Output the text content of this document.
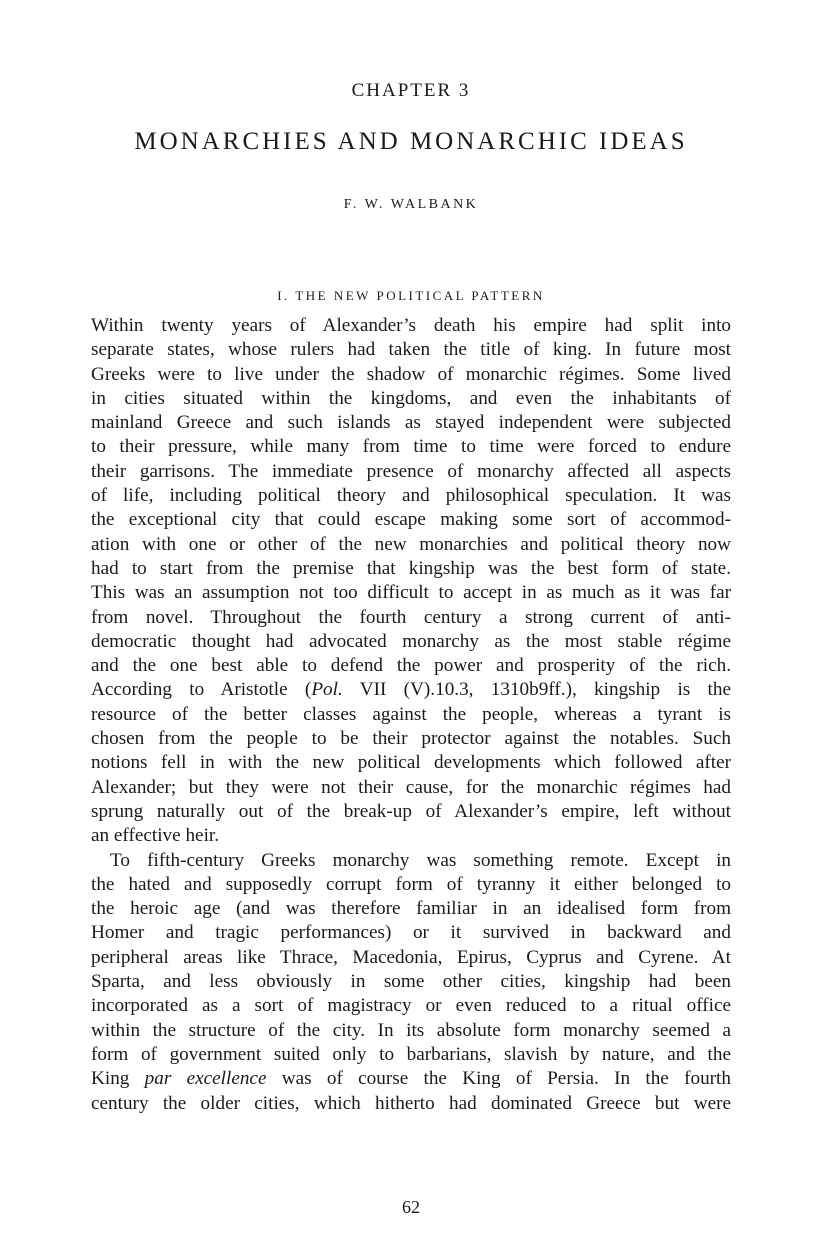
CHAPTER 3
MONARCHIES AND MONARCHIC IDEAS
F. W. WALBANK
I. THE NEW POLITICAL PATTERN
Within twenty years of Alexander’s death his empire had split into
separate states, whose rulers had taken the title of king. In future most
Greeks were to live under the shadow of monarchic régimes. Some lived
in cities situated within the kingdoms, and even the inhabitants of
mainland Greece and such islands as stayed independent were subjected
to their pressure, while many from time to time were forced to endure
their garrisons. The immediate presence of monarchy affected all aspects
of life, including political theory and philosophical speculation. It was
the exceptional city that could escape making some sort of accommod-
ation with one or other of the new monarchies and political theory now
had to start from the premise that kingship was the best form of state.
This was an assumption not too difficult to accept in as much as it was far
from novel. Throughout the fourth century a strong current of anti-
democratic thought had advocated monarchy as the most stable régime
and the one best able to defend the power and prosperity of the rich.
According to Aristotle (Pol. VII (V).10.3, 1310b9ff.), kingship is the
resource of the better classes against the people, whereas a tyrant is
chosen from the people to be their protector against the notables. Such
notions fell in with the new political developments which followed after
Alexander; but they were not their cause, for the monarchic régimes had
sprung naturally out of the break-up of Alexander’s empire, left without
an effective heir.
To fifth-century Greeks monarchy was something remote. Except in
the hated and supposedly corrupt form of tyranny it either belonged to
the heroic age (and was therefore familiar in an idealised form from
Homer and tragic performances) or it survived in backward and
peripheral areas like Thrace, Macedonia, Epirus, Cyprus and Cyrene. At
Sparta, and less obviously in some other cities, kingship had been
incorporated as a sort of magistracy or even reduced to a ritual office
within the structure of the city. In its absolute form monarchy seemed a
form of government suited only to barbarians, slavish by nature, and the
King par excellence was of course the King of Persia. In the fourth
century the older cities, which hitherto had dominated Greece but were
62
